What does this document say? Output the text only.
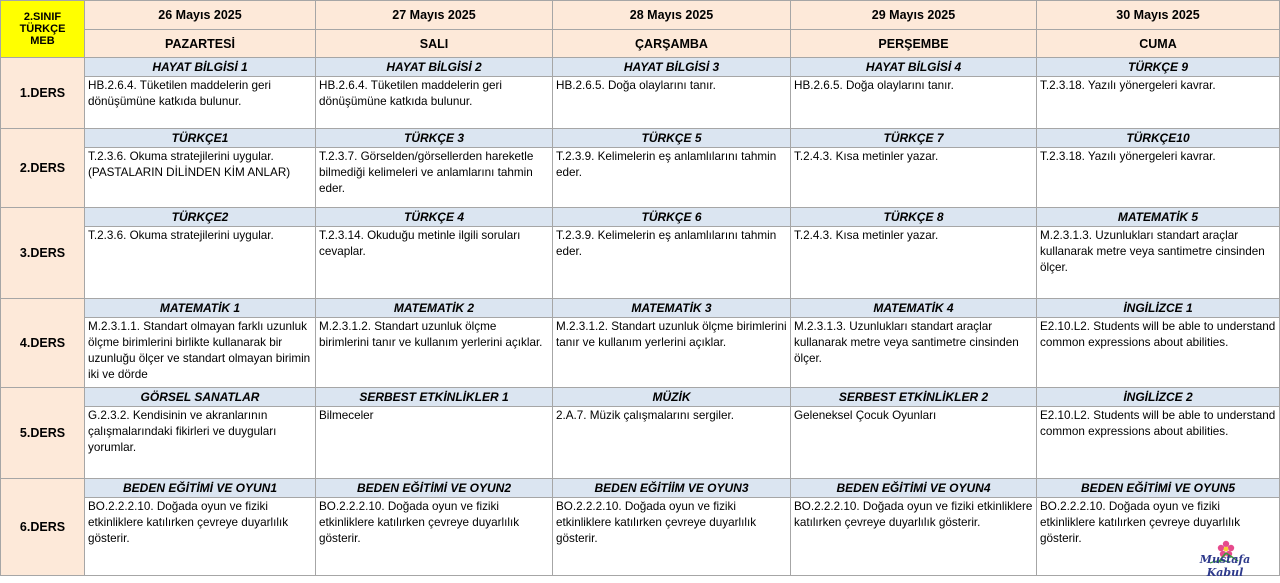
2.SINIF
TÜRKÇE
MEB	26 Mayıs 2025	27 Mayıs 2025	28 Mayıs 2025	29 Mayıs 2025	30 Mayıs 2025
	PAZARTESİ	SALI	ÇARŞAMBA	PERŞEMBE	CUMA
1.DERS	HAYAT BİLGİSİ 1	HAYAT BİLGİSİ 2	HAYAT BİLGİSİ 3	HAYAT BİLGİSİ 4	TÜRKÇE 9

	HB.2.6.4. Tüketilen maddelerin geri dönüşümüne katkıda bulunur.	HB.2.6.4. Tüketilen maddelerin geri dönüşümüne katkıda bulunur.	HB.2.6.5. Doğa olaylarını tanır.	HB.2.6.5. Doğa olaylarını tanır.	T.2.3.18. Yazılı yönergeleri kavrar.

2.DERS	TÜRKÇE1	TÜRKÇE 3	TÜRKÇE 5	TÜRKÇE 7	TÜRKÇE10

	T.2.3.6. Okuma stratejilerini uygular.(PASTALARIN DİLİNDEN KİM ANLAR)	T.2.3.7. Görselden/görsellerden hareketle bilmediği kelimeleri ve anlamlarını tahmin eder.	T.2.3.9. Kelimelerin eş anlamlılarını tahmin eder.	T.2.4.3. Kısa metinler yazar.	T.2.3.18. Yazılı yönergeleri kavrar.

3.DERS	TÜRKÇE2	TÜRKÇE 4	TÜRKÇE 6	TÜRKÇE 8	MATEMATİK 5

	T.2.3.6. Okuma stratejilerini uygular.	T.2.3.14. Okuduğu metinle ilgili soruları cevaplar.	T.2.3.9. Kelimelerin eş anlamlılarını tahmin eder.	T.2.4.3. Kısa metinler yazar.	M.2.3.1.3. Uzunlukları standart araçlar kullanarak metre veya santimetre cinsinden ölçer.

4.DERS	MATEMATİK 1	MATEMATİK 2	MATEMATİK 3	MATEMATİK 4	İNGİLİZCE 1

	M.2.3.1.1. Standart olmayan farklı uzunluk ölçme birimlerini birlikte kullanarak bir uzunluğu ölçer ve standart olmayan birimin iki ve dörde	M.2.3.1.2. Standart uzunluk ölçme birimlerini tanır ve kullanım yerlerini açıklar.	M.2.3.1.2. Standart uzunluk ölçme birimlerini tanır ve kullanım yerlerini açıklar.	M.2.3.1.3. Uzunlukları standart araçlar kullanarak metre veya santimetre cinsinden ölçer.	E2.10.L2. Students will be able to understand common expressions about abilities.

5.DERS	GÖRSEL SANATLAR	SERBEST ETKİNLİKLER 1	MÜZİK	SERBEST ETKİNLİKLER 2	İNGİLİZCE 2

	G.2.3.2. Kendisinin ve akranlarının çalışmalarındaki fikirleri ve duyguları yorumlar.	Bilmeceler	2.A.7. Müzik çalışmalarını sergiler.	Geleneksel Çocuk Oyunları	E2.10.L2. Students will be able to understand common expressions about abilities.

6.DERS	BEDEN EĞİTİMİ VE OYUN1	BEDEN EĞİTİMİ VE OYUN2	BEDEN EĞİTİİM VE OYUN3	BEDEN EĞİTİMİ VE OYUN4	BEDEN EĞİTİMİ VE OYUN5

	BO.2.2.2.10. Doğada oyun ve fiziki etkinliklere katılırken çevreye duyarlılık gösterir.	BO.2.2.2.10. Doğada oyun ve fiziki etkinliklere katılırken çevreye duyarlılık gösterir.	BO.2.2.2.10. Doğada oyun ve fiziki etkinliklere katılırken çevreye duyarlılık gösterir.	BO.2.2.2.10. Doğada oyun ve fiziki etkinliklere katılırken çevreye duyarlılık gösterir.	BO.2.2.2.10. Doğada oyun ve fiziki etkinliklere katılırken çevreye duyarlılık gösterir.
Mustafa Kabul
